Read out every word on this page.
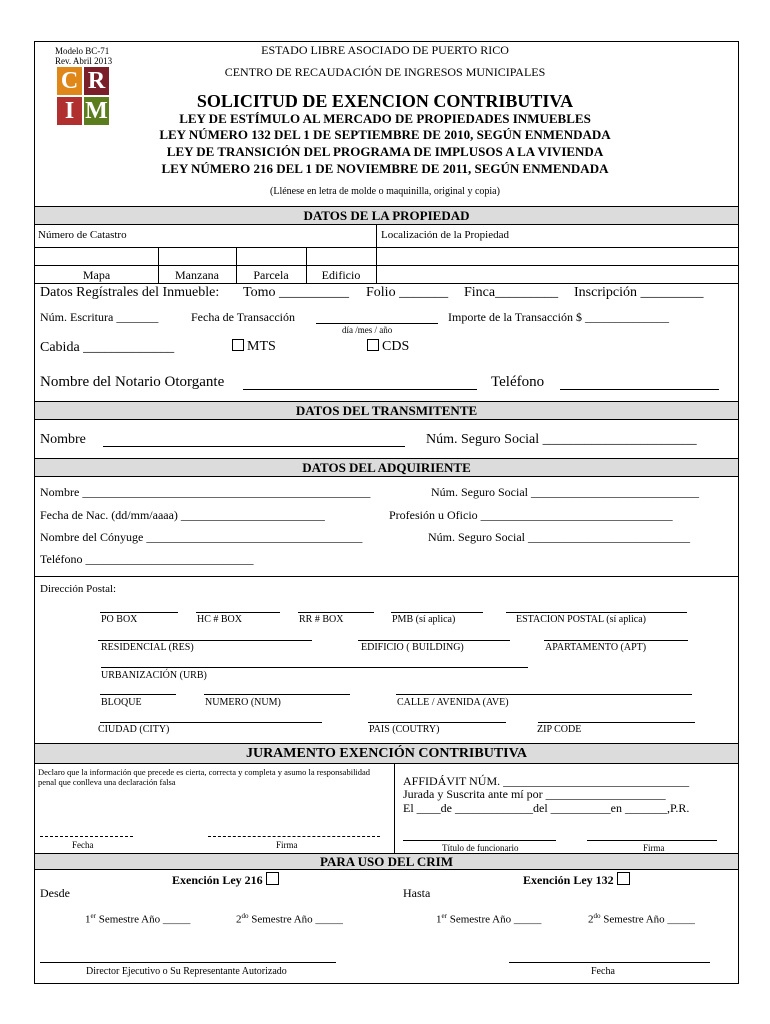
Modelo BC-71
Rev. Abril 2013
ESTADO LIBRE ASOCIADO DE PUERTO RICO
CENTRO DE RECAUDACIÓN DE INGRESOS MUNICIPALES
C R
I M	SOLICITUD DE EXENCION CONTRIBUTIVA
LEY DE ESTÍMULO AL MERCADO DE PROPIEDADES INMUEBLES
LEY NÚMERO 132 DEL 1 DE SEPTIEMBRE DE 2010, SEGÚN ENMENDADA
LEY DE TRANSICIÓN DEL PROGRAMA DE IMPLUSOS A LA VIVIENDA
LEY NÚMERO 216 DEL 1 DE NOVIEMBRE DE 2011, SEGÚN ENMENDADA
(Llénese en letra de molde o maquinilla, original y copia)
DATOS DE LA PROPIEDAD
Número de Catastro	Localización de la Propiedad
Mapa	Manzana	Parcela	Edificio
Datos Regístrales del Inmueble: Tomo __________ Folio _______ Finca_________ Inscripción _________
Núm. Escritura _______	Fecha de Transacción
día /mes / año
Importe de la Transacción $ ______________
Cabida _____________	MTS	CDS
Nombre del Notario Otorgante	Teléfono
DATOS DEL TRANSMITENTE
Nombre	Núm. Seguro Social ______________________
DATOS DEL ADQUIRIENTE
Nombre ________________________________________________	Núm. Seguro Social ____________________________
Fecha de Nac. (dd/mm/aaaa) ________________________	Profesión u Oficio ________________________________
Nombre del Cónyuge ____________________________________	Núm. Seguro Social ___________________________
Teléfono ____________________________
Dirección Postal:
PO BOX	HC # BOX	RR # BOX	PMB (sí aplica)	ESTACION POSTAL (sí aplica)
RESIDENCIAL (RES)	EDIFICIO ( BUILDING)	APARTAMENTO (APT)
URBANIZACIÓN (URB)
BLOQUE	NUMERO (NUM)	CALLE / AVENIDA (AVE)
CIUDAD (CITY)	PAIS (COUTRY)	ZIP CODE
JURAMENTO EXENCIÓN CONTRIBUTIVA
Declaro que la información que precede es cierta, correcta y completa y asumo la responsabilidad
penal que conlleva una declaración falsa	AFFIDÁVIT NÚM. _______________________________
Jurada y Suscrita ante mí por ____________________
El ____de _____________del __________en _______,P.R.
Fecha	Firma	Título de funcionario	Firma
PARA USO DEL CRIM
Exención Ley 216	Exención Ley 132
Desde	Hasta
1er Semestre Año _____	$2^{do}$ Semestre Año _____	1er Semestre Año _____	$2^{do}$ Semestre Año _____
Director Ejecutivo o Su Representante Autorizado	Fecha
